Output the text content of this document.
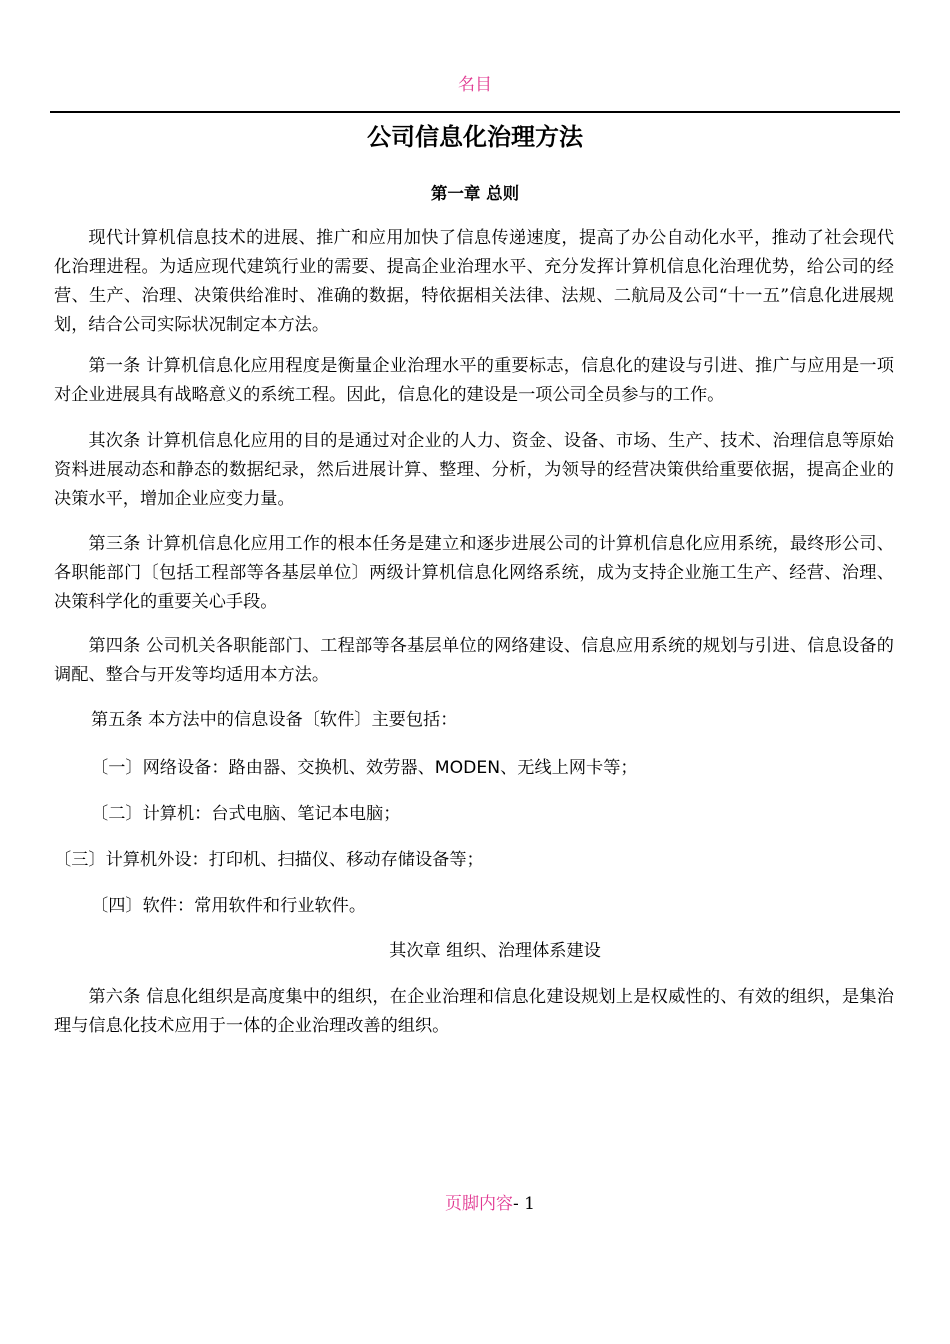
名目
公司信息化治理方法
第一章 总则

现代计算机信息技术的进展、推广和应用加快了信息传递速度，提高了办公自动化水平，推动了社会现代化治理进程。为适应现代建筑行业的需要、提高企业治理水平、充分发挥计算机信息化治理优势，给公司的经营、生产、治理、决策供给准时、准确的数据，特依据相关法律、法规、二航局及公司“十一五”信息化进展规划，结合公司实际状况制定本方法。

第一条 计算机信息化应用程度是衡量企业治理水平的重要标志，信息化的建设与引进、推广与应用是一项对企业进展具有战略意义的系统工程。因此，信息化的建设是一项公司全员参与的工作。

其次条 计算机信息化应用的目的是通过对企业的人力、资金、设备、市场、生产、技术、治理信息等原始资料进展动态和静态的数据纪录，然后进展计算、整理、分析，为领导的经营决策供给重要依据，提高企业的决策水平，增加企业应变力量。

第三条 计算机信息化应用工作的根本任务是建立和逐步进展公司的计算机信息化应用系统，最终形公司、各职能部门〔包括工程部等各基层单位〕两级计算机信息化网络系统，成为支持企业施工生产、经营、治理、决策科学化的重要关心手段。

第四条 公司机关各职能部门、工程部等各基层单位的网络建设、信息应用系统的规划与引进、信息设备的调配、整合与开发等均适用本方法。

第五条 本方法中的信息设备〔软件〕主要包括：
〔一〕网络设备：路由器、交换机、效劳器、MODEN、无线上网卡等；
〔二〕计算机：台式电脑、笔记本电脑；
〔三〕计算机外设：打印机、扫描仪、移动存储设备等；
〔四〕软件：常用软件和行业软件。
其次章 组织、治理体系建设

第六条 信息化组织是高度集中的组织，在企业治理和信息化建设规划上是权威性的、有效的组织，是集治理与信息化技术应用于一体的企业治理改善的组织。

页脚内容- 1
